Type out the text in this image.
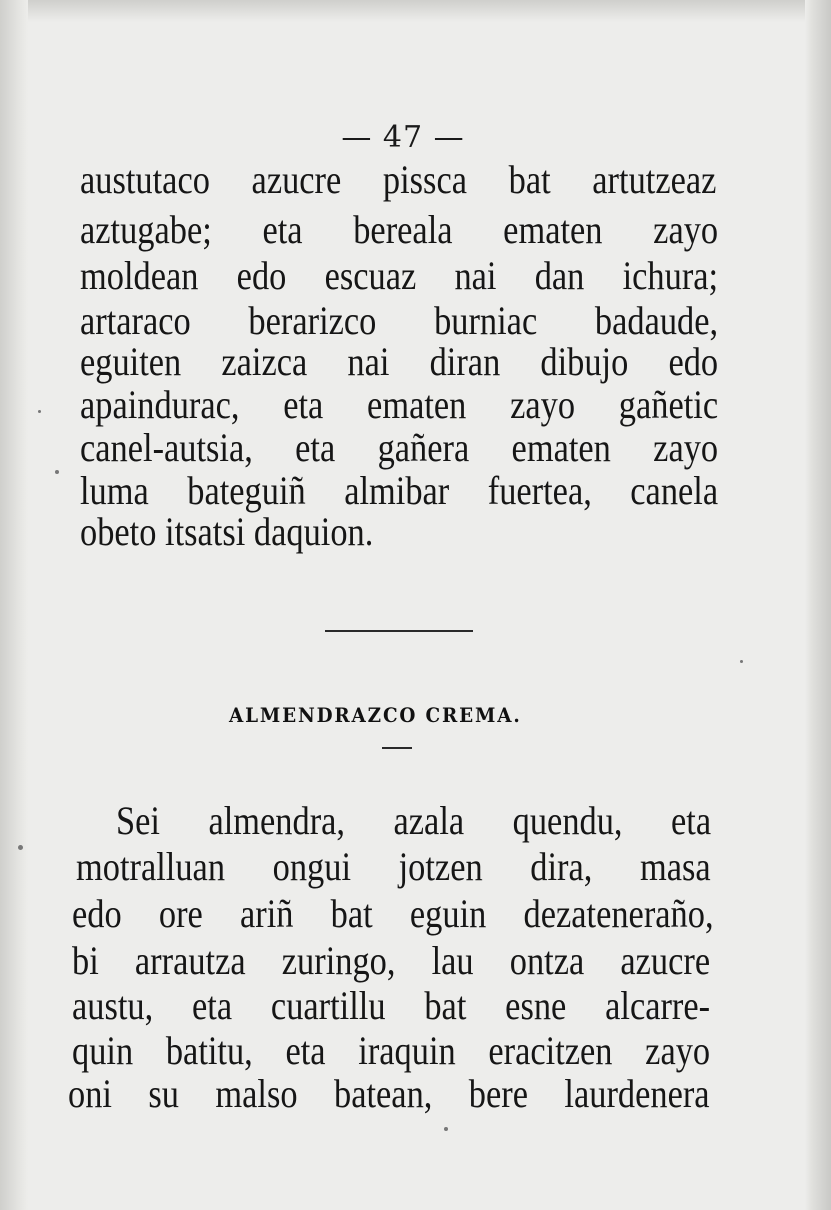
— 47 —
austutaco azucre pissca bat artutzeaz
aztugabe; eta bereala ematen zayo
moldean edo escuaz nai dan ichura;
artaraco berarizco burniac badaude,
eguiten zaizca nai diran dibujo edo
apaindurac, eta ematen zayo gañetic
canel-autsia, eta gañera ematen zayo
luma bateguiñ almibar fuertea, canela
obeto itsatsi daquion.
ALMENDRAZCO CREMA.
Sei almendra, azala quendu, eta
motralluan ongui jotzen dira, masa
edo ore ariñ bat eguin dezateneraño,
bi arrautza zuringo, lau ontza azucre
austu, eta cuartillu bat esne alcarre-
quin batitu, eta iraquin eracitzen zayo
oni su malso batean, bere laurdenera
